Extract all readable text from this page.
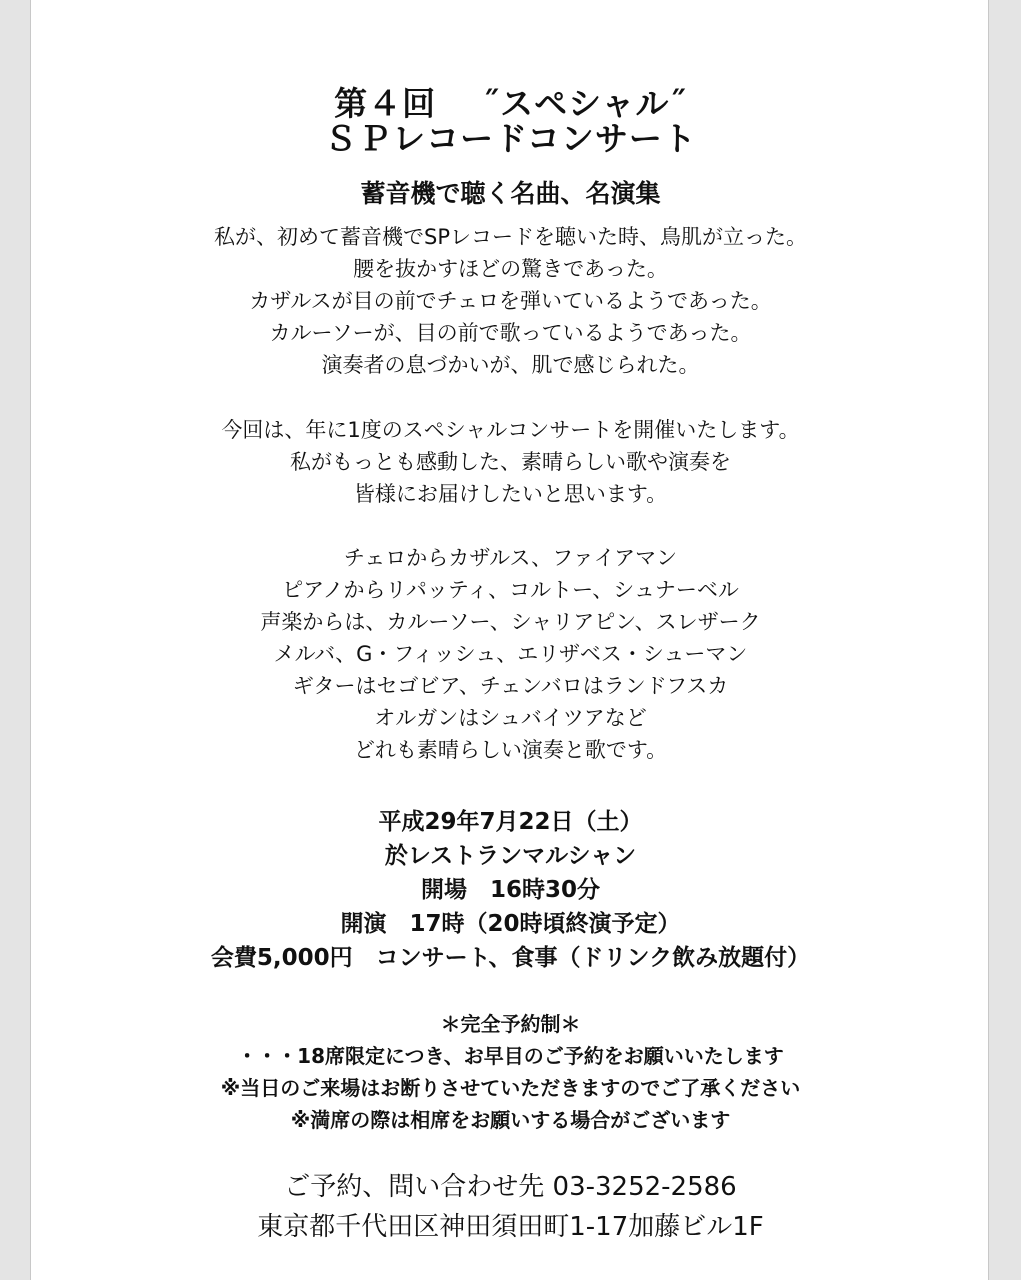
第４回　 ˝スペシャル˝
ＳＰレコードコンサート
蓄音機で聴く名曲、名演集
私が、初めて蓄音機でSPレコードを聴いた時、鳥肌が立った。
腰を抜かすほどの驚きであった。
カザルスが目の前でチェロを弾いているようであった。
カルーソーが、目の前で歌っているようであった。
演奏者の息づかいが、肌で感じられた。
今回は、年に1度のスペシャルコンサートを開催いたします。
私がもっとも感動した、素晴らしい歌や演奏を
皆様にお届けしたいと思います。
チェロからカザルス、ファイアマン
ピアノからリパッティ、コルトー、シュナーベル
声楽からは、カルーソー、シャリアピン、スレザーク
メルバ、G・フィッシュ、エリザベス・シューマン
ギターはセゴビア、チェンバロはランドフスカ
オルガンはシュバイツアなど
どれも素晴らしい演奏と歌です。
平成29年7月22日（土）
於レストランマルシャン
開場　16時30分
開演　17時（20時頃終演予定）
会費5,000円　コンサート、食事（ドリンク飲み放題付）
＊完全予約制＊
・・・18席限定につき、お早目のご予約をお願いいたします
※当日のご来場はお断りさせていただきますのでご了承ください
※満席の際は相席をお願いする場合がございます
ご予約、問い合わせ先 03-3252-2586
東京都千代田区神田須田町1-17加藤ビル1F
